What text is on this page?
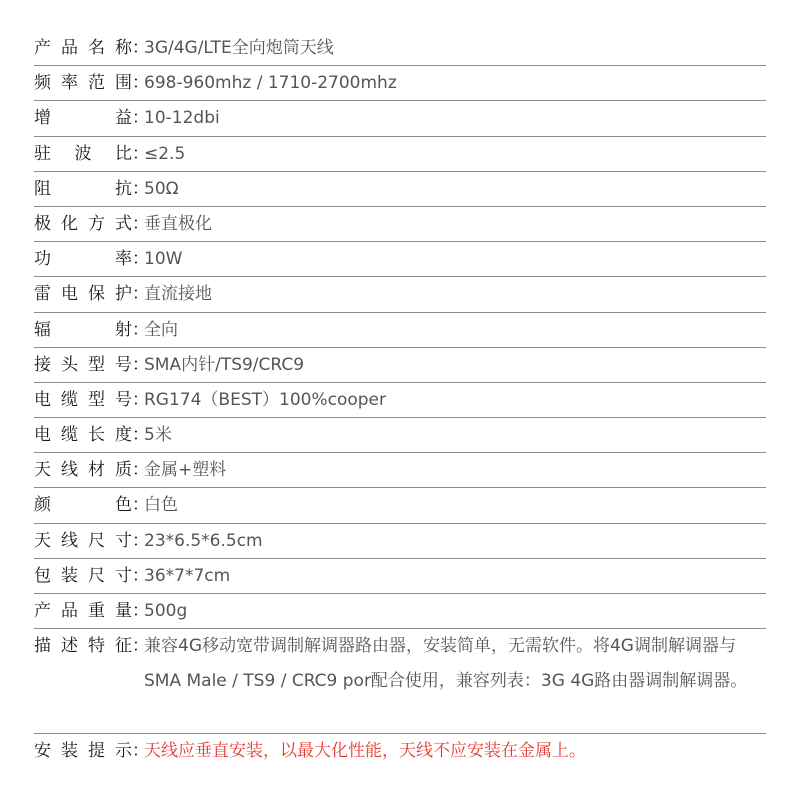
产 品 名 称 ：
3G/4G/LTE全向炮筒天线
频 率 范 围 ：
698-960mhz / 1710-2700mhz
增	益 ：
10-12dbi
驻 波 比 ：
≤2.5
阻	抗 ：
50Ω
极 化 方 式 ：
垂直极化
功	率 ：
10W
雷 电 保 护 ：
直流接地
辐	射 ：
全向
接 头 型 号 ：
SMA内针/TS9/CRC9
电 缆 型 号 ：
RG174（BEST）100%cooper
电 缆 长 度 ：
5米
天 线 材 质 ：
金属+塑料
颜	色 ：
白色
天 线 尺 寸 ：
23*6.5*6.5cm
包 装 尺 寸 ：
36*7*7cm
产 品 重 量 ：
500g
描 述 特 征 ：
兼容4G移动宽带调制解调器路由器，安装简单，无需软件。将4G调制解调器与SMA Male / TS9 / CRC9 por配合使用，兼容列表：3G 4G路由器调制解调器。
安 装 提 示 ：
天线应垂直安装，以最大化性能，天线不应安装在金属上。
